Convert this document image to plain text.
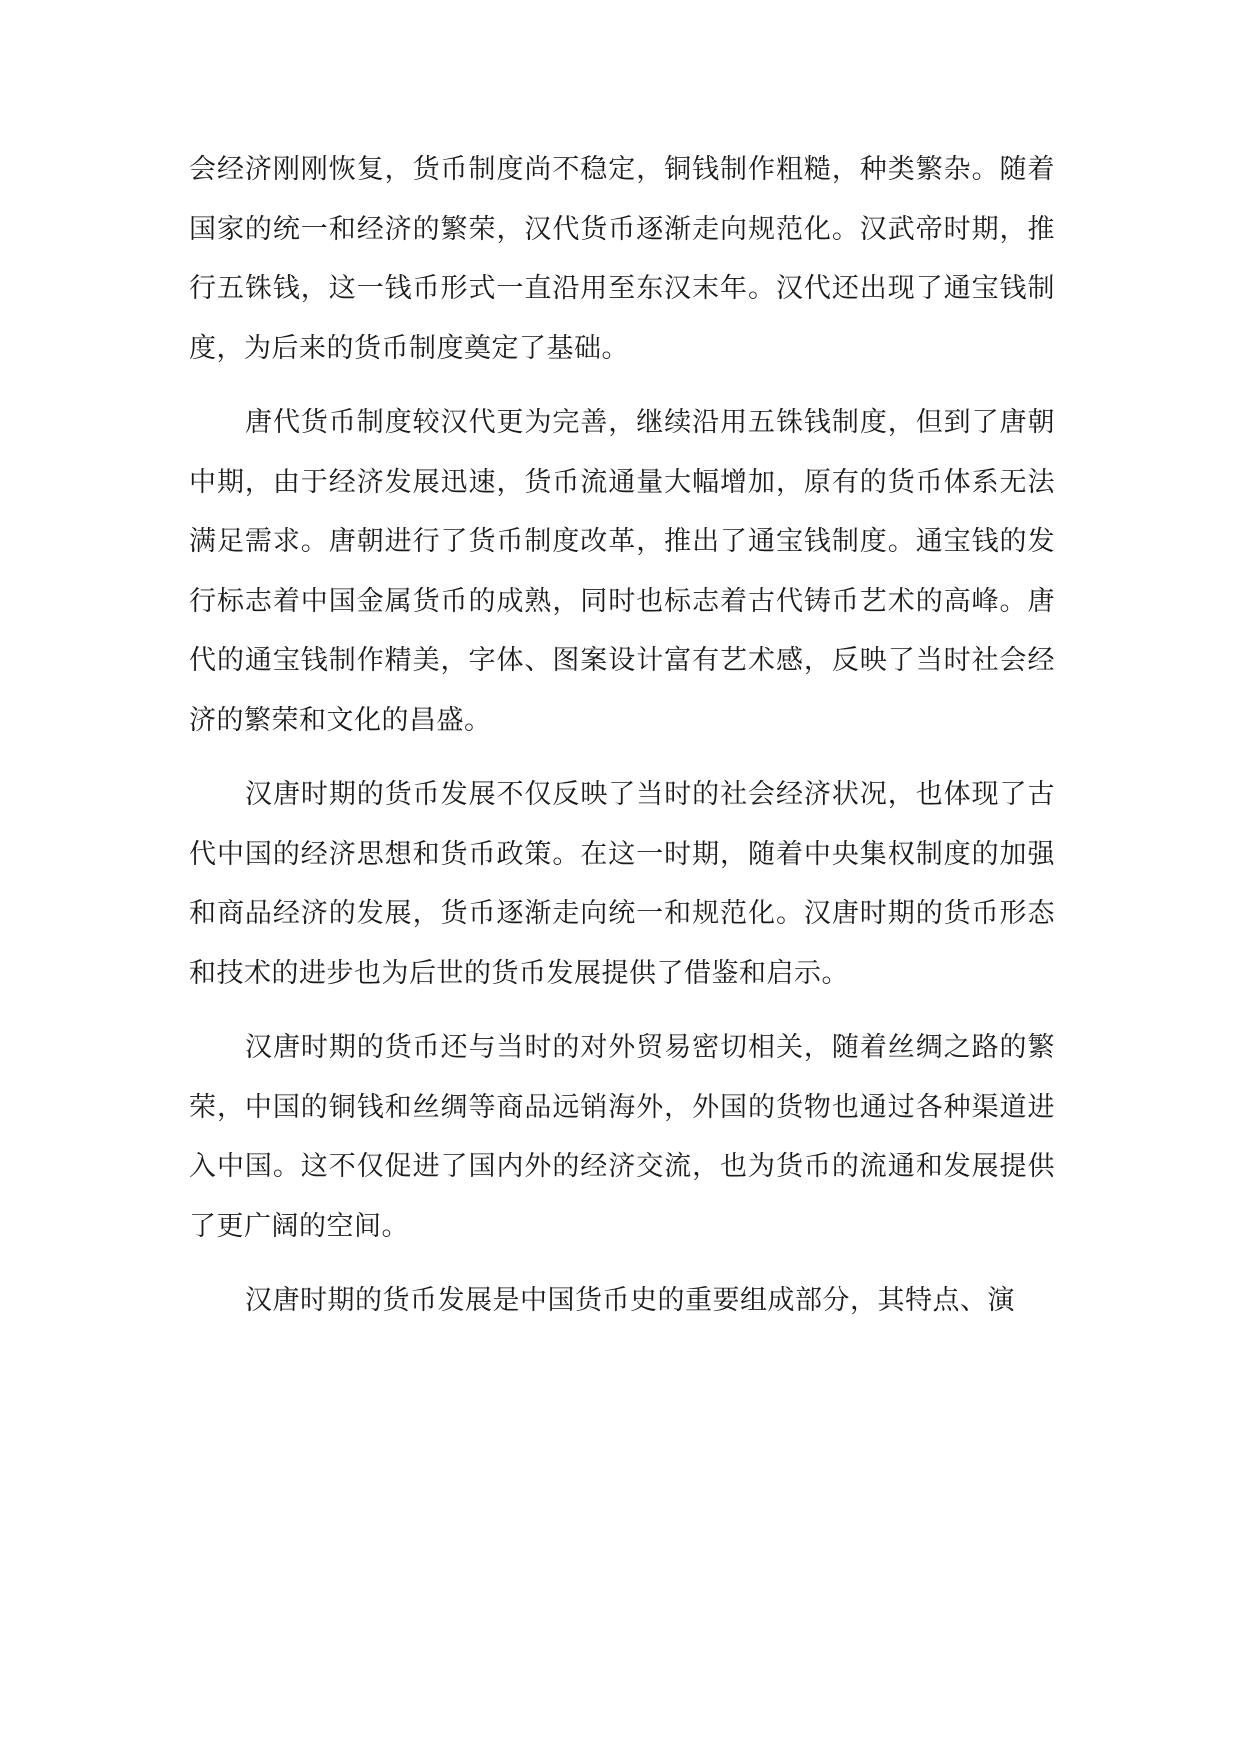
会经济刚刚恢复，货币制度尚不稳定，铜钱制作粗糙，种类繁杂。随着国家的统一和经济的繁荣，汉代货币逐渐走向规范化。汉武帝时期，推行五铢钱，这一钱币形式一直沿用至东汉末年。汉代还出现了通宝钱制度，为后来的货币制度奠定了基础。

唐代货币制度较汉代更为完善，继续沿用五铢钱制度，但到了唐朝中期，由于经济发展迅速，货币流通量大幅增加，原有的货币体系无法满足需求。唐朝进行了货币制度改革，推出了通宝钱制度。通宝钱的发行标志着中国金属货币的成熟，同时也标志着古代铸币艺术的高峰。唐代的通宝钱制作精美，字体、图案设计富有艺术感，反映了当时社会经济的繁荣和文化的昌盛。

汉唐时期的货币发展不仅反映了当时的社会经济状况，也体现了古代中国的经济思想和货币政策。在这一时期，随着中央集权制度的加强和商品经济的发展，货币逐渐走向统一和规范化。汉唐时期的货币形态和技术的进步也为后世的货币发展提供了借鉴和启示。

汉唐时期的货币还与当时的对外贸易密切相关，随着丝绸之路的繁荣，中国的铜钱和丝绸等商品远销海外，外国的货物也通过各种渠道进入中国。这不仅促进了国内外的经济交流，也为货币的流通和发展提供了更广阔的空间。

汉唐时期的货币发展是中国货币史的重要组成部分，其特点、演
